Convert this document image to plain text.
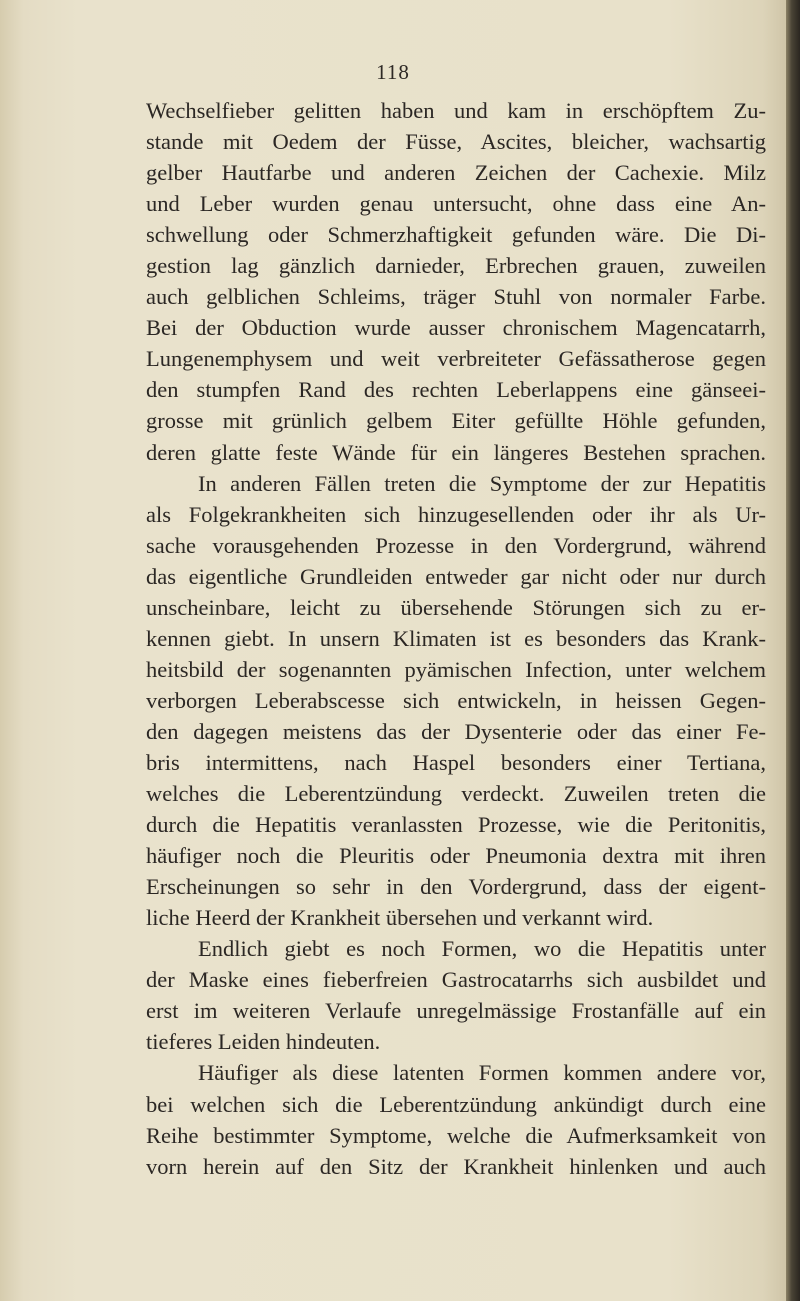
118
Wechselfieber gelitten haben und kam in erschöpftem Zu-
stande mit Oedem der Füsse, Ascites, bleicher, wachsartig
gelber Hautfarbe und anderen Zeichen der Cachexie. Milz
und Leber wurden genau untersucht, ohne dass eine An-
schwellung oder Schmerzhaftigkeit gefunden wäre. Die Di-
gestion lag gänzlich darnieder, Erbrechen grauen, zuweilen
auch gelblichen Schleims, träger Stuhl von normaler Farbe.
Bei der Obduction wurde ausser chronischem Magencatarrh,
Lungenemphysem und weit verbreiteter Gefässatherose gegen
den stumpfen Rand des rechten Leberlappens eine gänseei-
grosse mit grünlich gelbem Eiter gefüllte Höhle gefunden,
deren glatte feste Wände für ein längeres Bestehen sprachen.
In anderen Fällen treten die Symptome der zur Hepatitis
als Folgekrankheiten sich hinzugesellenden oder ihr als Ur-
sache vorausgehenden Prozesse in den Vordergrund, während
das eigentliche Grundleiden entweder gar nicht oder nur durch
unscheinbare, leicht zu übersehende Störungen sich zu er-
kennen giebt. In unsern Klimaten ist es besonders das Krank-
heitsbild der sogenannten pyämischen Infection, unter welchem
verborgen Leberabscesse sich entwickeln, in heissen Gegen-
den dagegen meistens das der Dysenterie oder das einer Fe-
bris intermittens, nach Haspel besonders einer Tertiana,
welches die Leberentzündung verdeckt. Zuweilen treten die
durch die Hepatitis veranlassten Prozesse, wie die Peritonitis,
häufiger noch die Pleuritis oder Pneumonia dextra mit ihren
Erscheinungen so sehr in den Vordergrund, dass der eigent-
liche Heerd der Krankheit übersehen und verkannt wird.
Endlich giebt es noch Formen, wo die Hepatitis unter
der Maske eines fieberfreien Gastrocatarrhs sich ausbildet und
erst im weiteren Verlaufe unregelmässige Frostanfälle auf ein
tieferes Leiden hindeuten.
Häufiger als diese latenten Formen kommen andere vor,
bei welchen sich die Leberentzündung ankündigt durch eine
Reihe bestimmter Symptome, welche die Aufmerksamkeit von
vorn herein auf den Sitz der Krankheit hinlenken und auch
